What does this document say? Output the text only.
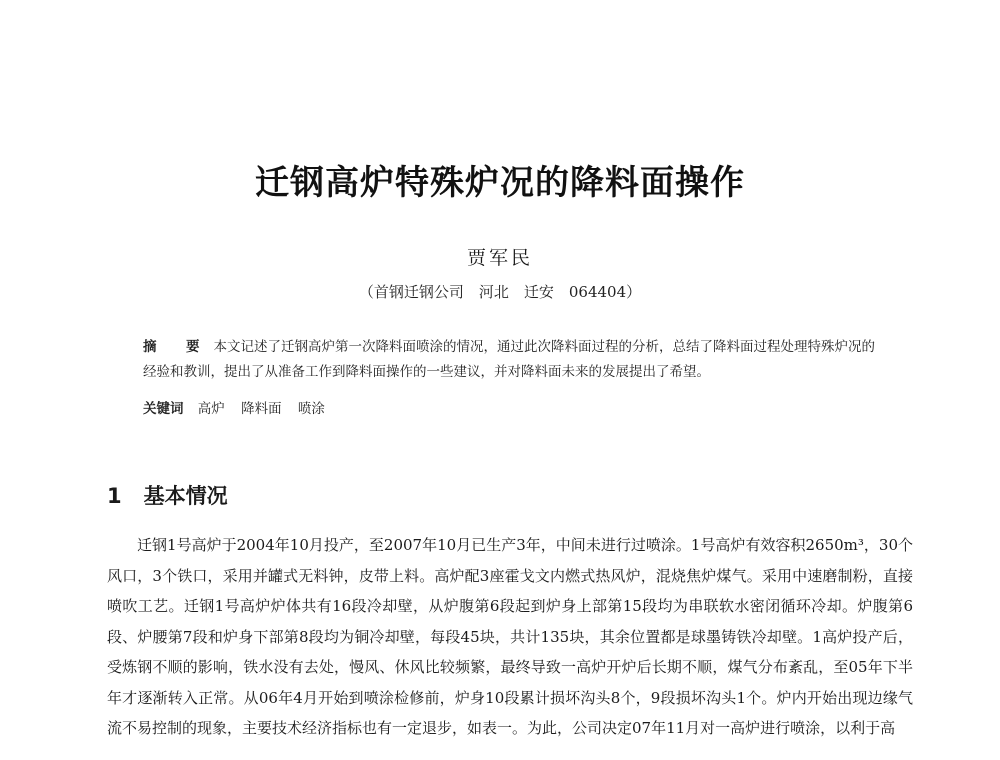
迁钢高炉特殊炉况的降料面操作
贾军民
（首钢迁钢公司　河北　迁安　064404）
摘　要 本文记述了迁钢高炉第一次降料面喷涂的情况，通过此次降料面过程的分析，总结了降料面过程处理特殊炉况的经验和教训，提出了从准备工作到降料面操作的一些建议，并对降料面未来的发展提出了希望。
关键词 高炉 降料面 喷涂
1 基本情况

迁钢1号高炉于2004年10月投产，至2007年10月已生产3年，中间未进行过喷涂。1号高炉有效容积2650m³，30个风口，3个铁口，采用并罐式无料钟，皮带上料。高炉配3座霍戈文内燃式热风炉，混烧焦炉煤气。采用中速磨制粉，直接喷吹工艺。迁钢1号高炉炉体共有16段冷却壁，从炉腹第6段起到炉身上部第15段均为串联软水密闭循环冷却。炉腹第6段、炉腰第7段和炉身下部第8段均为铜冷却壁，每段45块，共计135块，其余位置都是球墨铸铁冷却壁。1高炉投产后，受炼钢不顺的影响，铁水没有去处，慢风、休风比较频繁，最终导致一高炉开炉后长期不顺，煤气分布紊乱，至05年下半年才逐渐转入正常。从06年4月开始到喷涂检修前，炉身10段累计损坏沟头8个，9段损坏沟头1个。炉内开始出现边缘气流不易控制的现象，主要技术经济指标也有一定退步，如表一。为此，公司决定07年11月对一高炉进行喷涂，以利于高
